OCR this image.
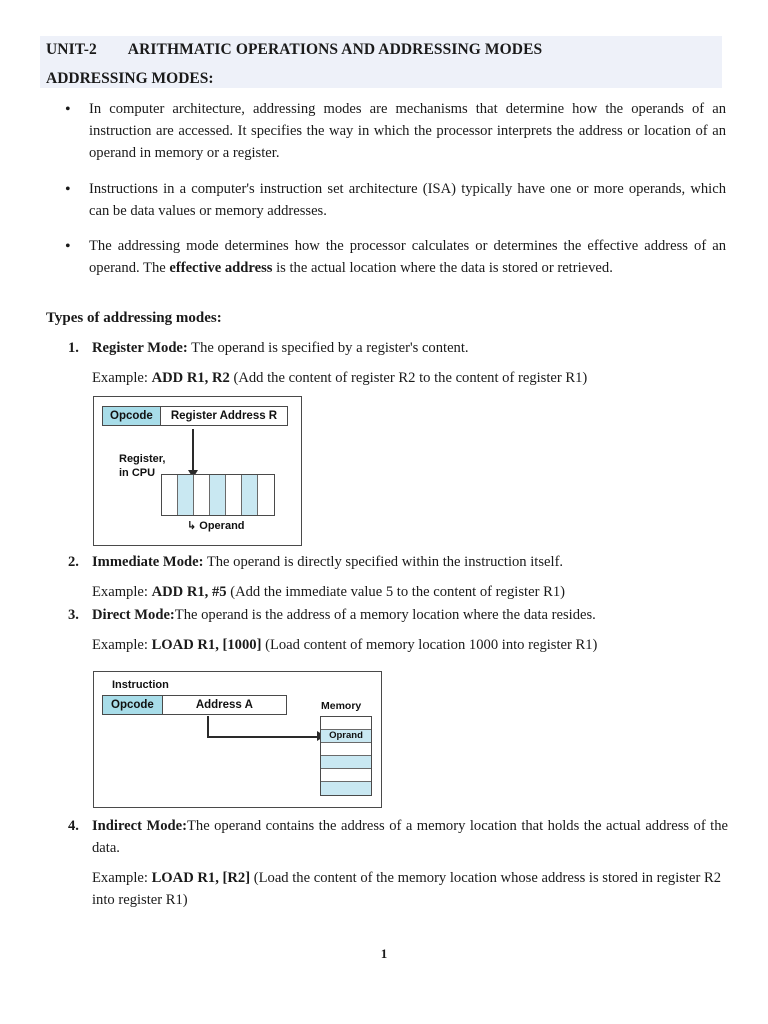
UNIT-2        ARITHMATIC OPERATIONS AND ADDRESSING MODES
ADDRESSING MODES:
• In computer architecture, addressing modes are mechanisms that determine how the operands of an instruction are accessed. It specifies the way in which the processor interprets the address or location of an operand in memory or a register.
• Instructions in a computer's instruction set architecture (ISA) typically have one or more operands, which can be data values or memory addresses.
• The addressing mode determines how the processor calculates or determines the effective address of an operand. The effective address is the actual location where the data is stored or retrieved.
Types of addressing modes:
1. Register Mode: The operand is specified by a register's content.
Example: ADD R1, R2 (Add the content of register R2 to the content of register R1)
Opcode	Register Address R
Register,
in CPU
↳ Operand
2. Immediate Mode: The operand is directly specified within the instruction itself.
Example: ADD R1, #5 (Add the immediate value 5 to the content of register R1)
3. Direct Mode:The operand is the address of a memory location where the data resides.
Example: LOAD R1, [1000] (Load content of memory location 1000 into register R1)
Instruction
Opcode	Address A	Memory
Oprand
4. Indirect Mode:The operand contains the address of a memory location that holds the actual address of the data.
Example: LOAD R1, [R2] (Load the content of the memory location whose address is stored in register R2 into register R1)
1
